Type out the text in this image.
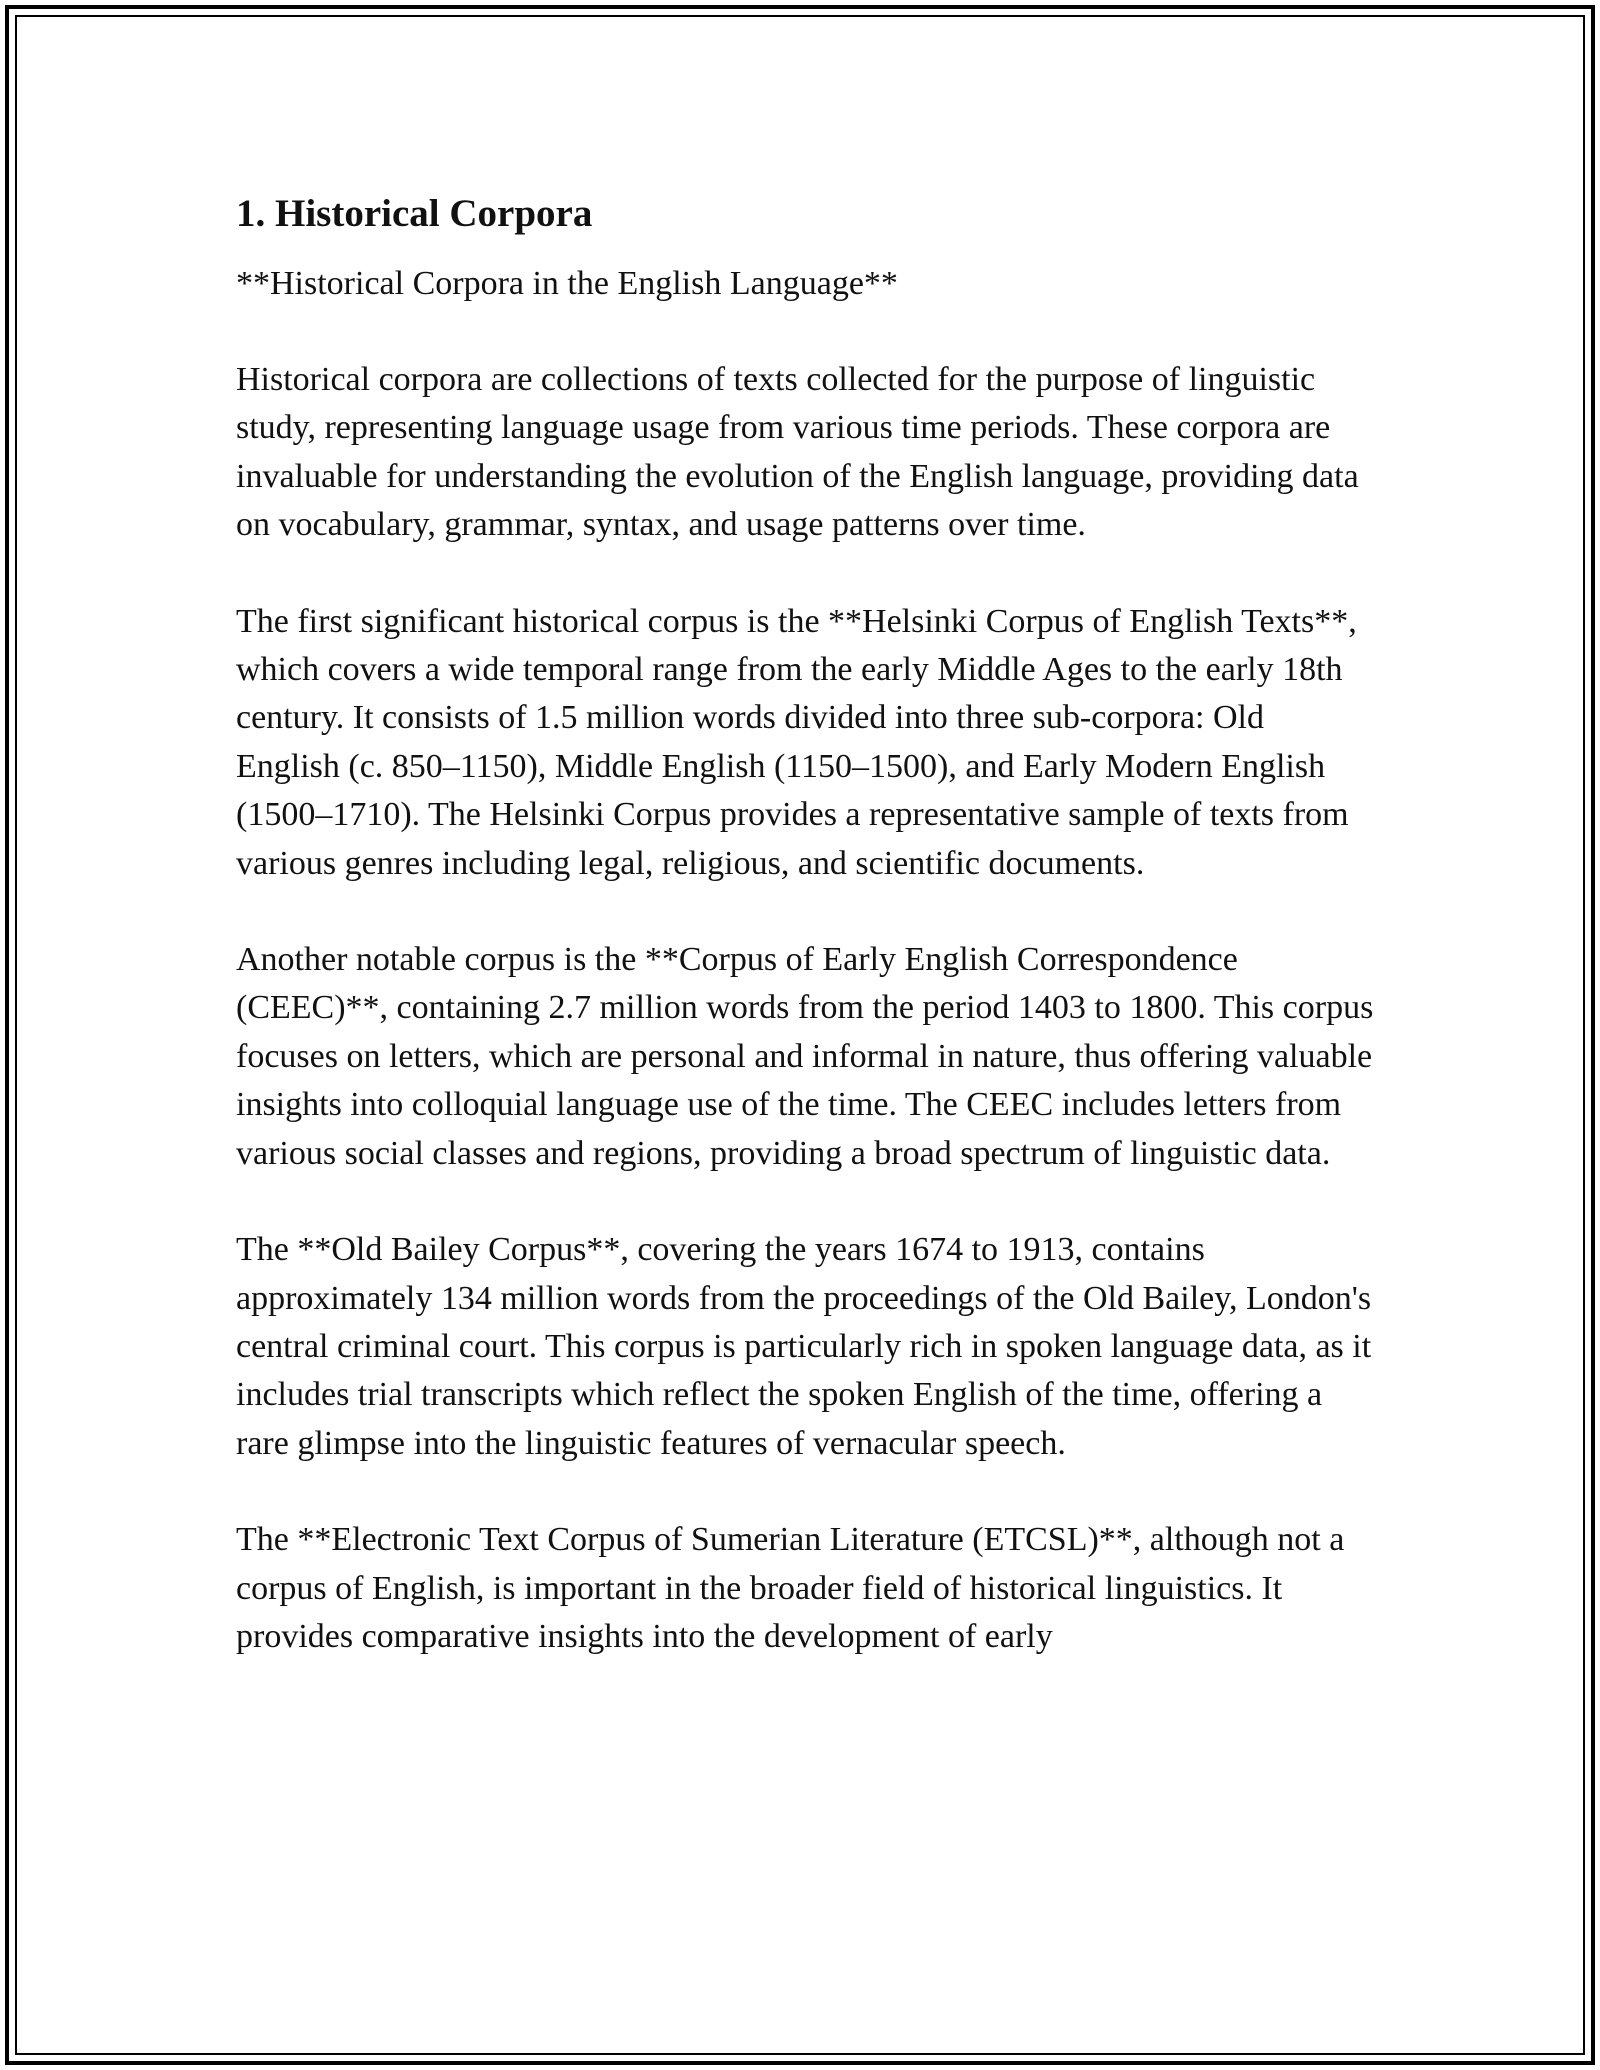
1. Historical Corpora

**Historical Corpora in the English Language**

Historical corpora are collections of texts collected for the purpose of linguistic study, representing language usage from various time periods. These corpora are invaluable for understanding the evolution of the English language, providing data on vocabulary, grammar, syntax, and usage patterns over time.

The first significant historical corpus is the **Helsinki Corpus of English Texts**, which covers a wide temporal range from the early Middle Ages to the early 18th century. It consists of 1.5 million words divided into three sub-corpora: Old English (c. 850–1150), Middle English (1150–1500), and Early Modern English (1500–1710). The Helsinki Corpus provides a representative sample of texts from various genres including legal, religious, and scientific documents.

Another notable corpus is the **Corpus of Early English Correspondence (CEEC)**, containing 2.7 million words from the period 1403 to 1800. This corpus focuses on letters, which are personal and informal in nature, thus offering valuable insights into colloquial language use of the time. The CEEC includes letters from various social classes and regions, providing a broad spectrum of linguistic data.

The **Old Bailey Corpus**, covering the years 1674 to 1913, contains approximately 134 million words from the proceedings of the Old Bailey, London's central criminal court. This corpus is particularly rich in spoken language data, as it includes trial transcripts which reflect the spoken English of the time, offering a rare glimpse into the linguistic features of vernacular speech.

The **Electronic Text Corpus of Sumerian Literature (ETCSL)**, although not a corpus of English, is important in the broader field of historical linguistics. It provides comparative insights into the development of early
